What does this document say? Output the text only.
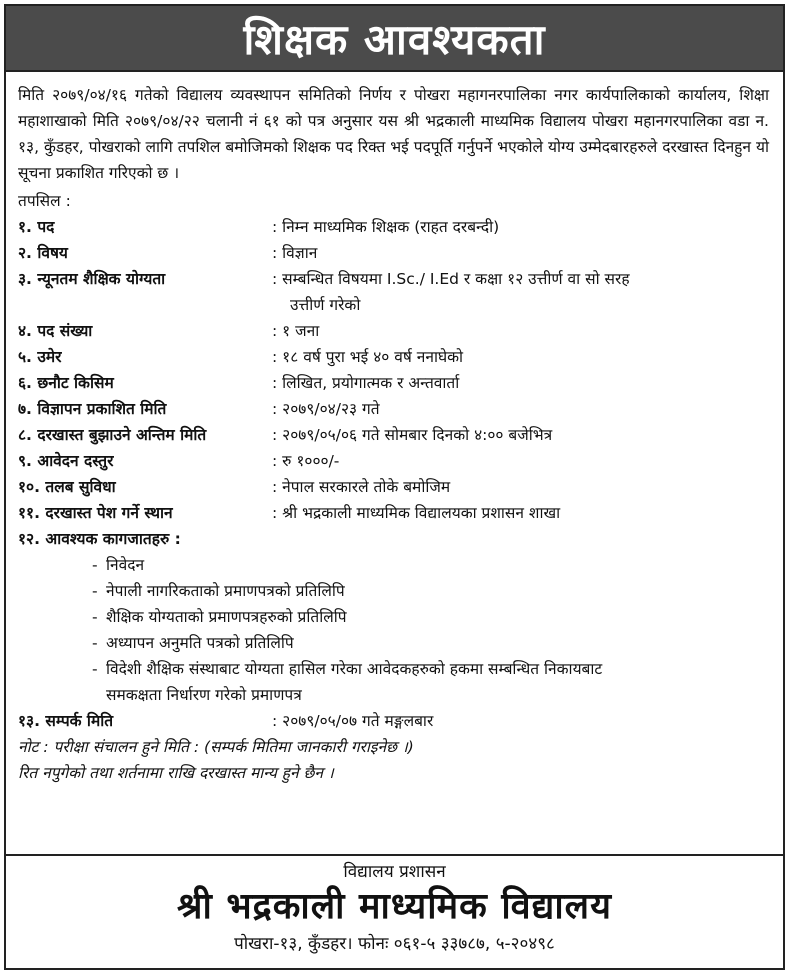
शिक्षक आवश्यकता

मिति २०७९/०४/१६ गतेको विद्यालय व्यवस्थापन समितिको निर्णय र पोखरा महागनरपालिका नगर कार्यपालिकाको कार्यालय, शिक्षा महाशाखाको मिति २०७९/०४/२२ चलानी नं ६१ को पत्र अनुसार यस श्री भद्रकाली माध्यमिक विद्यालय पोखरा महानगरपालिका वडा न. १३, कुँडहर, पोखराको लागि तपशिल बमोजिमको शिक्षक पद रिक्त भई पदपूर्ति गर्नुपर्ने भएकोले योग्य उम्मेदबारहरुले दरखास्त दिनहुन यो सूचना प्रकाशित गरिएको छ ।

तपसिल :
१. पद	: निम्न माध्यमिक शिक्षक (राहत दरबन्दी)
२. विषय	: विज्ञान
३. न्यूनतम शैक्षिक योग्यता	: सम्बन्धित विषयमा I.Sc./ I.Ed र कक्षा १२ उत्तीर्ण वा सो सरह
उत्तीर्ण गरेको
४. पद संख्या	: १ जना
५. उमेर	: १८ वर्ष पुरा भई ४० वर्ष ननाघेको
६. छनौट किसिम	: लिखित, प्रयोगात्मक र अन्तवार्ता
७. विज्ञापन प्रकाशित मिति	: २०७९/०४/२३ गते
८. दरखास्त बुझाउने अन्तिम मिति	: २०७९/०५/०६ गते सोमबार दिनको ४:०० बजेभित्र
९. आवेदन दस्तुर	: रु १०००/-
१०. तलब सुविधा	: नेपाल सरकारले तोके बमोजिम
११. दरखास्त पेश गर्ने स्थान	: श्री भद्रकाली माध्यमिक विद्यालयका प्रशासन शाखा
१२. आवश्यक कागजातहरु :
- निवेदन
- नेपाली नागरिकताको प्रमाणपत्रको प्रतिलिपि
- शैक्षिक योग्यताको प्रमाणपत्रहरुको प्रतिलिपि
- अध्यापन अनुमति पत्रको प्रतिलिपि
- विदेशी शैक्षिक संस्थाबाट योग्यता हासिल गरेका आवेदकहरुको हकमा सम्बन्धित निकायबाट
समकक्षता निर्धारण गरेको प्रमाणपत्र
१३. सम्पर्क मिति	: २०७९/०५/०७ गते मङ्गलबार
नोट : परीक्षा संचालन हुने मिति : (सम्पर्क मितिमा जानकारी गराइनेछ ।)
रित नपुगेको तथा शर्तनामा राखि दरखास्त मान्य हुने छैन ।
विद्यालय प्रशासन
श्री भद्रकाली माध्यमिक विद्यालय
पोखरा-१३, कुँडहर। फोनः ०६१-५ ३३७८७, ५-२०४९८
